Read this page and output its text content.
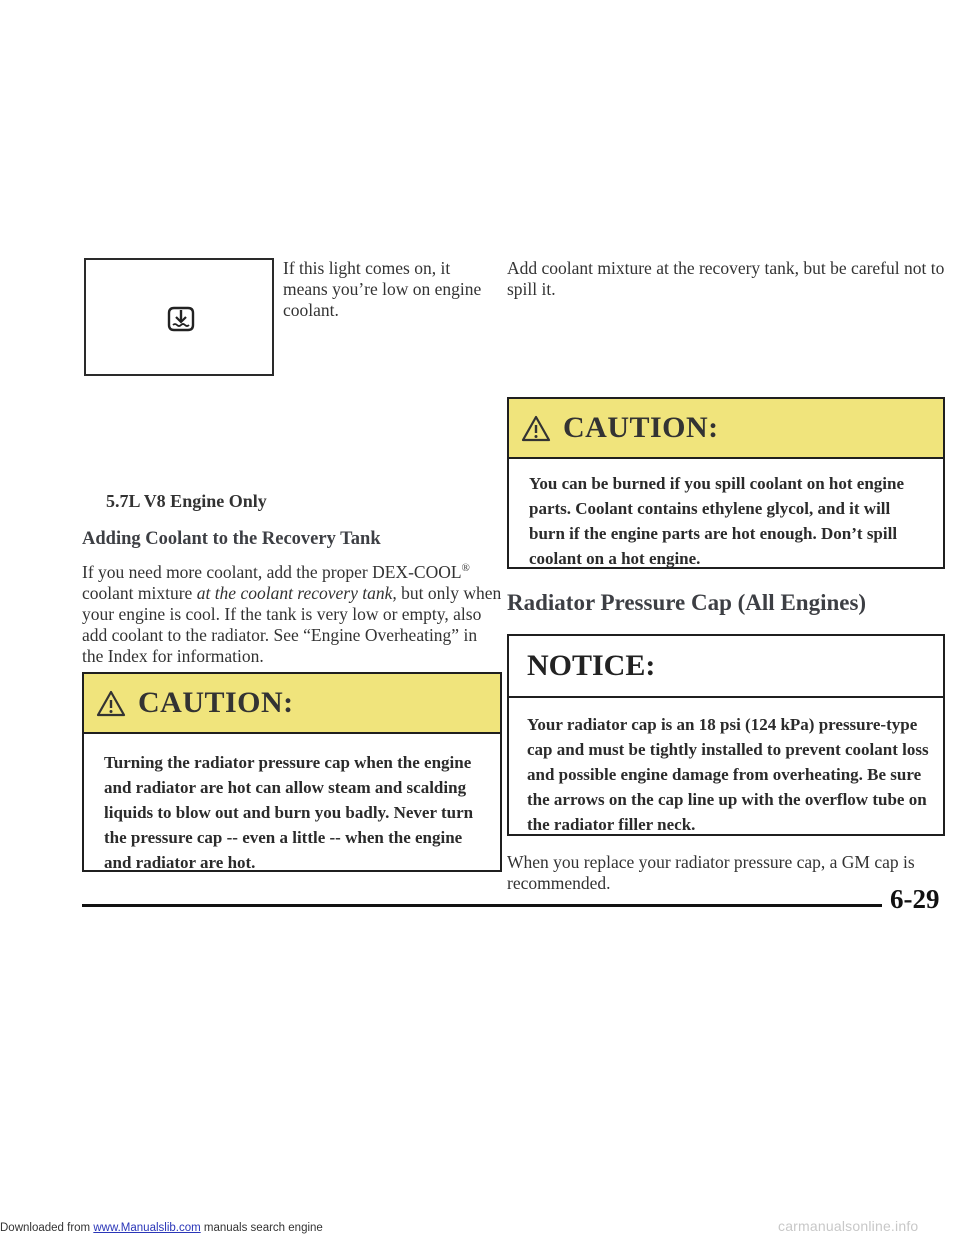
If this light comes on, it means you’re low on engine coolant.
5.7L V8 Engine Only
Adding Coolant to the Recovery Tank
If you need more coolant, add the proper DEX-COOL® coolant mixture at the coolant recovery tank, but only when your engine is cool. If the tank is very low or empty, also add coolant to the radiator. See “Engine Overheating” in the Index for information.
CAUTION:
Turning the radiator pressure cap when the engine and radiator are hot can allow steam and scalding liquids to blow out and burn you badly. Never turn the pressure cap -- even a little -- when the engine and radiator are hot.
Add coolant mixture at the recovery tank, but be careful not to spill it.
CAUTION:
You can be burned if you spill coolant on hot engine parts. Coolant contains ethylene glycol, and it will burn if the engine parts are hot enough. Don’t spill coolant on a hot engine.
Radiator Pressure Cap (All Engines)
NOTICE:
Your radiator cap is an 18 psi (124 kPa) pressure-type cap and must be tightly installed to prevent coolant loss and possible engine damage from overheating. Be sure the arrows on the cap line up with the overflow tube on the radiator filler neck.
When you replace your radiator pressure cap, a GM cap is recommended.
6-29
Downloaded from www.Manualslib.com manuals search engine	carmanualsonline.info
